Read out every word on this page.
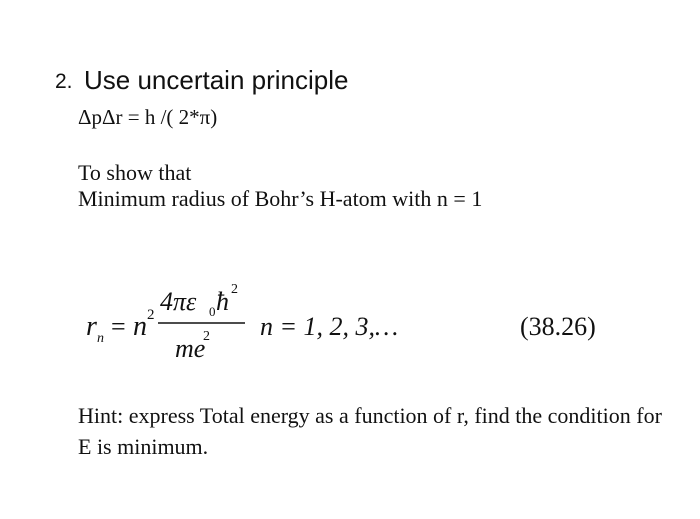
2. Use uncertain principle
ΔpΔr = h /( 2*π)
To show that
Minimum radius of Bohr’s H-atom with n = 1
r n = n 2 4πε 0 ħ 2
me
2 n = 1, 2, 3,…	(38.26)
Hint: express Total energy as a function of r, find the condition for E is minimum.
